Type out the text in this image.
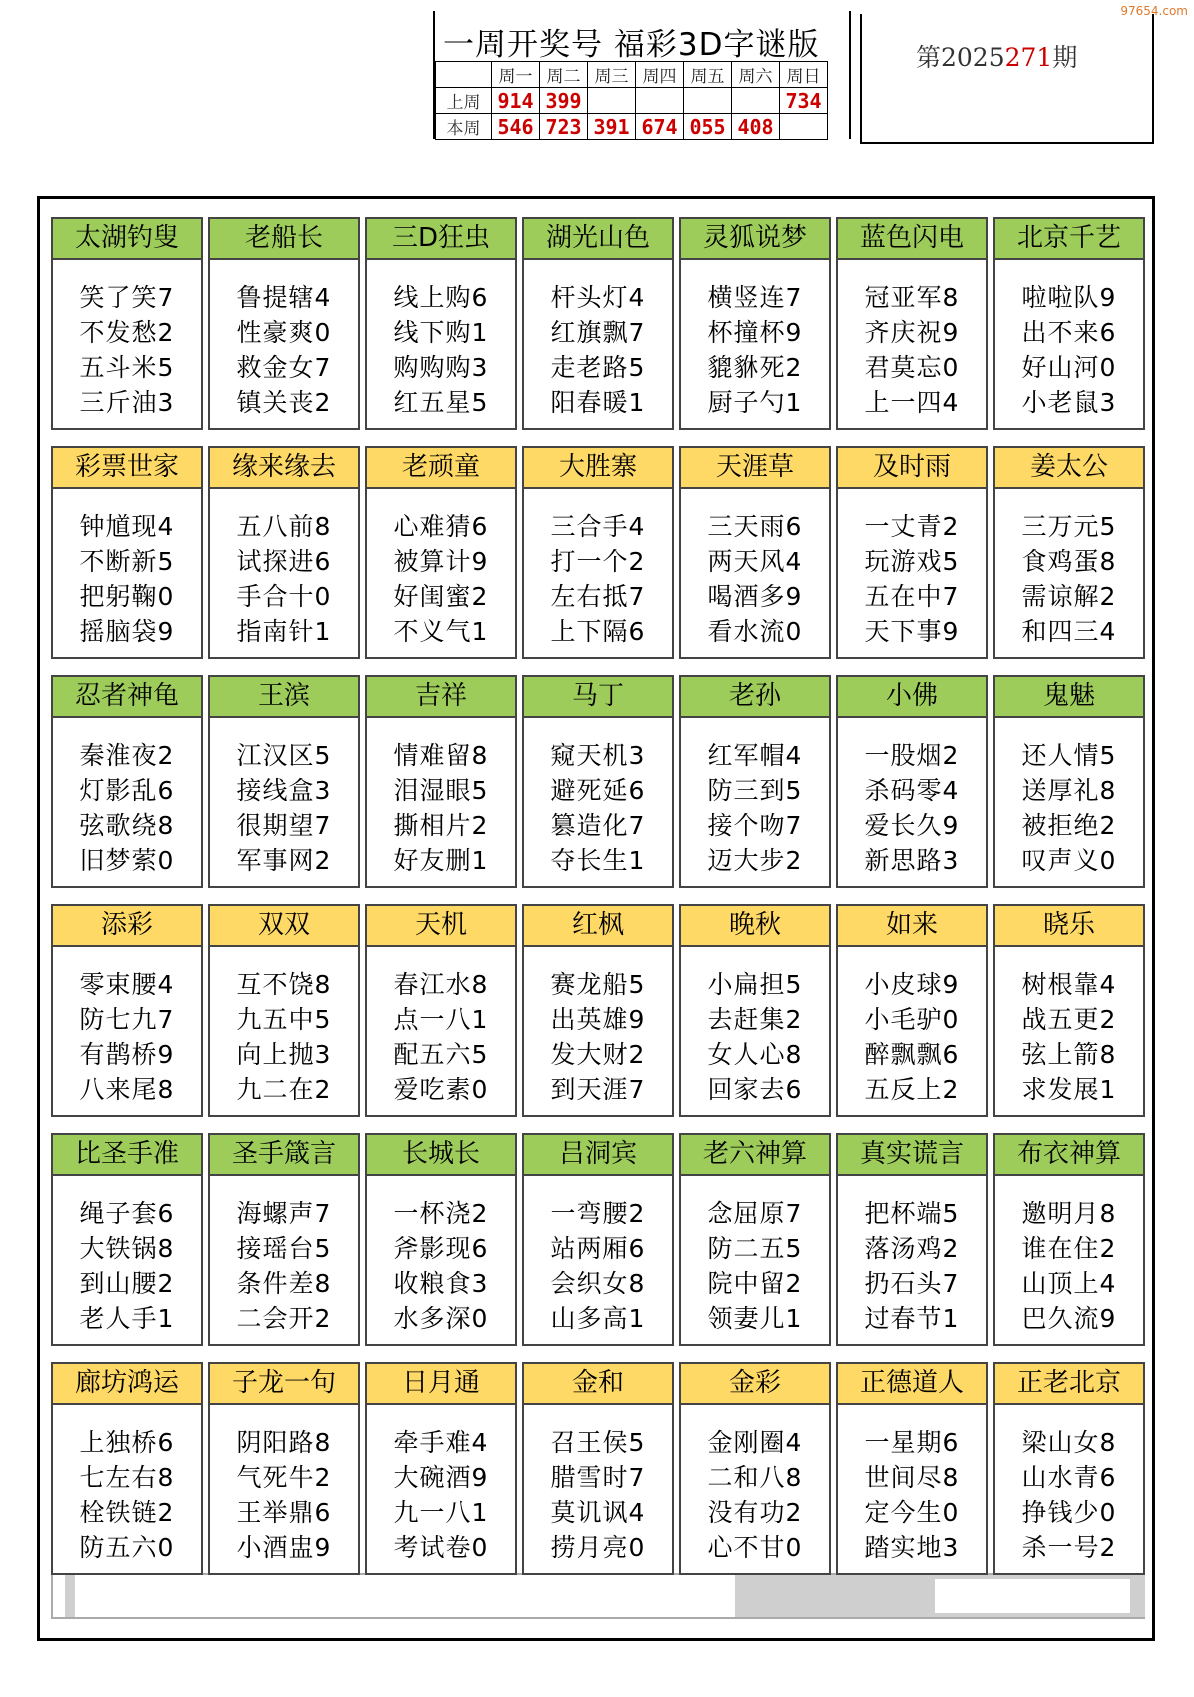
97654.com
一周开奖号 福彩3D字谜版
	周一	周二	周三	周四	周五	周六	周日
上周	914	399					734
本周	546	723	391	674	055	408	
第2025271期
太湖钓叟
笑了笑7
不发愁2
五斗米5
三斤油3
老船长
鲁提辖4
性豪爽0
救金女7
镇关丧2
三D狂虫
线上购6
线下购1
购购购3
红五星5
湖光山色
杆头灯4
红旗飘7
走老路5
阳春暖1
灵狐说梦
横竖连7
杯撞杯9
貔貅死2
厨子勺1
蓝色闪电
冠亚军8
齐庆祝9
君莫忘0
上一四4
北京千艺
啦啦队9
出不来6
好山河0
小老鼠3
彩票世家
钟馗现4
不断新5
把躬鞠0
摇脑袋9
缘来缘去
五八前8
试探进6
手合十0
指南针1
老顽童
心难猜6
被算计9
好闺蜜2
不义气1
大胜寨
三合手4
打一个2
左右抵7
上下隔6
天涯草
三天雨6
两天风4
喝酒多9
看水流0
及时雨
一丈青2
玩游戏5
五在中7
天下事9
姜太公
三万元5
食鸡蛋8
需谅解2
和四三4
忍者神龟
秦淮夜2
灯影乱6
弦歌绕8
旧梦萦0
王滨
江汉区5
接线盒3
很期望7
军事网2
吉祥
情难留8
泪湿眼5
撕相片2
好友删1
马丁
窥天机3
避死延6
篡造化7
夺长生1
老孙
红军帽4
防三到5
接个吻7
迈大步2
小佛
一股烟2
杀码零4
爱长久9
新思路3
鬼魅
还人情5
送厚礼8
被拒绝2
叹声义0
添彩
零束腰4
防七九7
有鹊桥9
八来尾8
双双
互不饶8
九五中5
向上抛3
九二在2
天机
春江水8
点一八1
配五六5
爱吃素0
红枫
赛龙船5
出英雄9
发大财2
到天涯7
晚秋
小扁担5
去赶集2
女人心8
回家去6
如来
小皮球9
小毛驴0
醉飘飘6
五反上2
晓乐
树根靠4
战五更2
弦上箭8
求发展1
比圣手准
绳子套6
大铁锅8
到山腰2
老人手1
圣手箴言
海螺声7
接瑶台5
条件差8
二会开2
长城长
一杯浇2
斧影现6
收粮食3
水多深0
吕洞宾
一弯腰2
站两厢6
会织女8
山多高1
老六神算
念屈原7
防二五5
院中留2
领妻儿1
真实谎言
把杯端5
落汤鸡2
扔石头7
过春节1
布衣神算
邀明月8
谁在住2
山顶上4
巴久流9
廊坊鸿运
上独桥6
七左右8
栓铁链2
防五六0
子龙一句
阴阳路8
气死牛2
王举鼎6
小酒盅9
日月通
牵手难4
大碗酒9
九一八1
考试卷0
金和
召王侯5
腊雪时7
莫讥讽4
捞月亮0
金彩
金刚圈4
二和八8
没有功2
心不甘0
正德道人
一星期6
世间尽8
定今生0
踏实地3
正老北京
梁山女8
山水青6
挣钱少0
杀一号2
